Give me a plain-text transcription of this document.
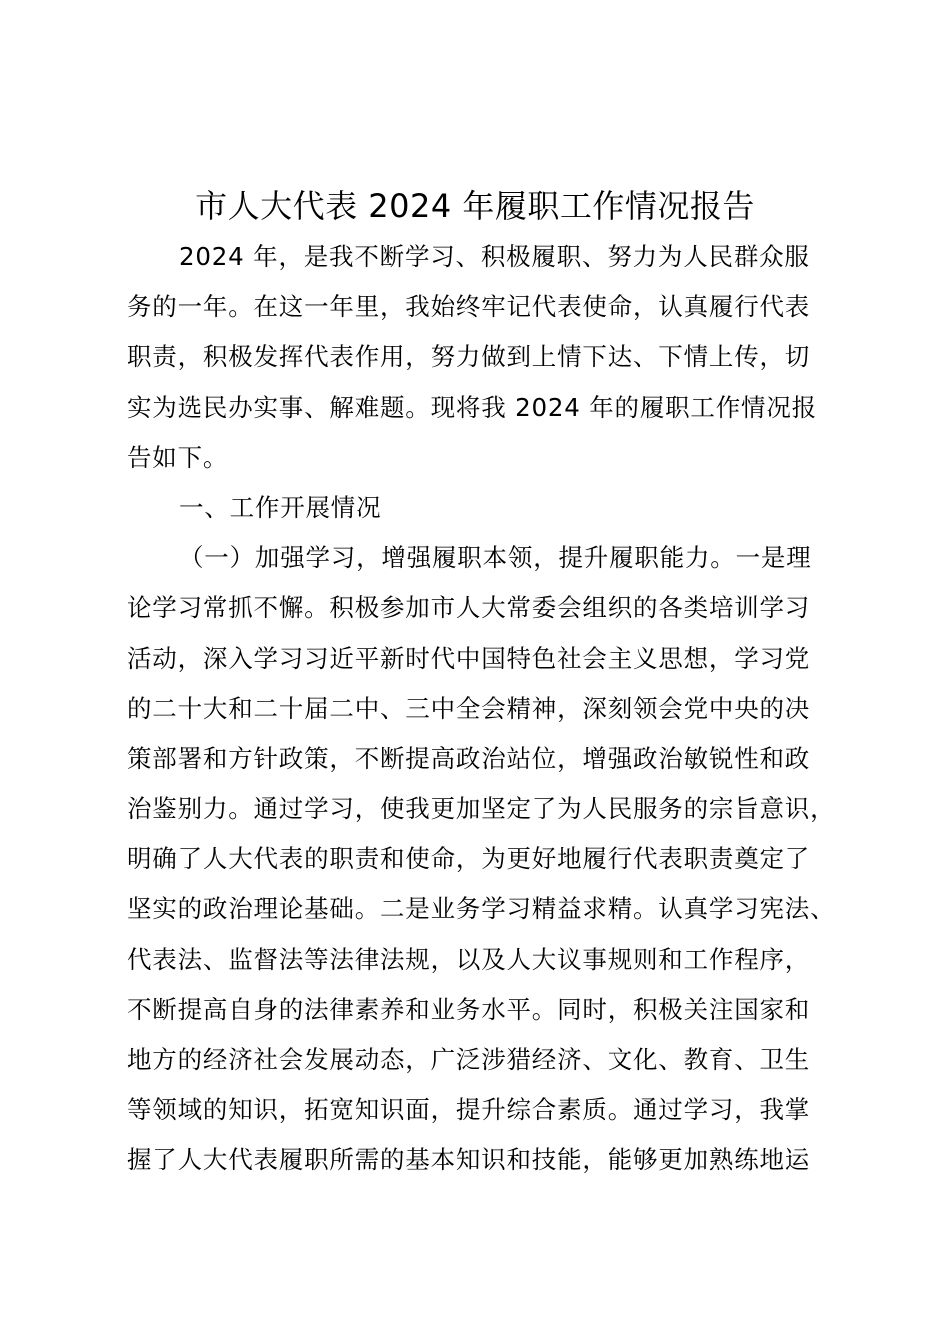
市人大代表 2024 年履职工作情况报告
2024 年，是我不断学习、积极履职、努力为人民群众服
务的一年。在这一年里，我始终牢记代表使命，认真履行代表
职责，积极发挥代表作用，努力做到上情下达、下情上传，切
实为选民办实事、解难题。现将我 2024 年的履职工作情况报
告如下。
一、工作开展情况
（一）加强学习，增强履职本领，提升履职能力。一是理
论学习常抓不懈。积极参加市人大常委会组织的各类培训学习
活动，深入学习习近平新时代中国特色社会主义思想，学习党
的二十大和二十届二中、三中全会精神，深刻领会党中央的决
策部署和方针政策，不断提高政治站位，增强政治敏锐性和政
治鉴别力。通过学习，使我更加坚定了为人民服务的宗旨意识，
明确了人大代表的职责和使命，为更好地履行代表职责奠定了
坚实的政治理论基础。二是业务学习精益求精。认真学习宪法、
代表法、监督法等法律法规，以及人大议事规则和工作程序，
不断提高自身的法律素养和业务水平。同时，积极关注国家和
地方的经济社会发展动态，广泛涉猎经济、文化、教育、卫生
等领域的知识，拓宽知识面，提升综合素质。通过学习，我掌
握了人大代表履职所需的基本知识和技能，能够更加熟练地运
